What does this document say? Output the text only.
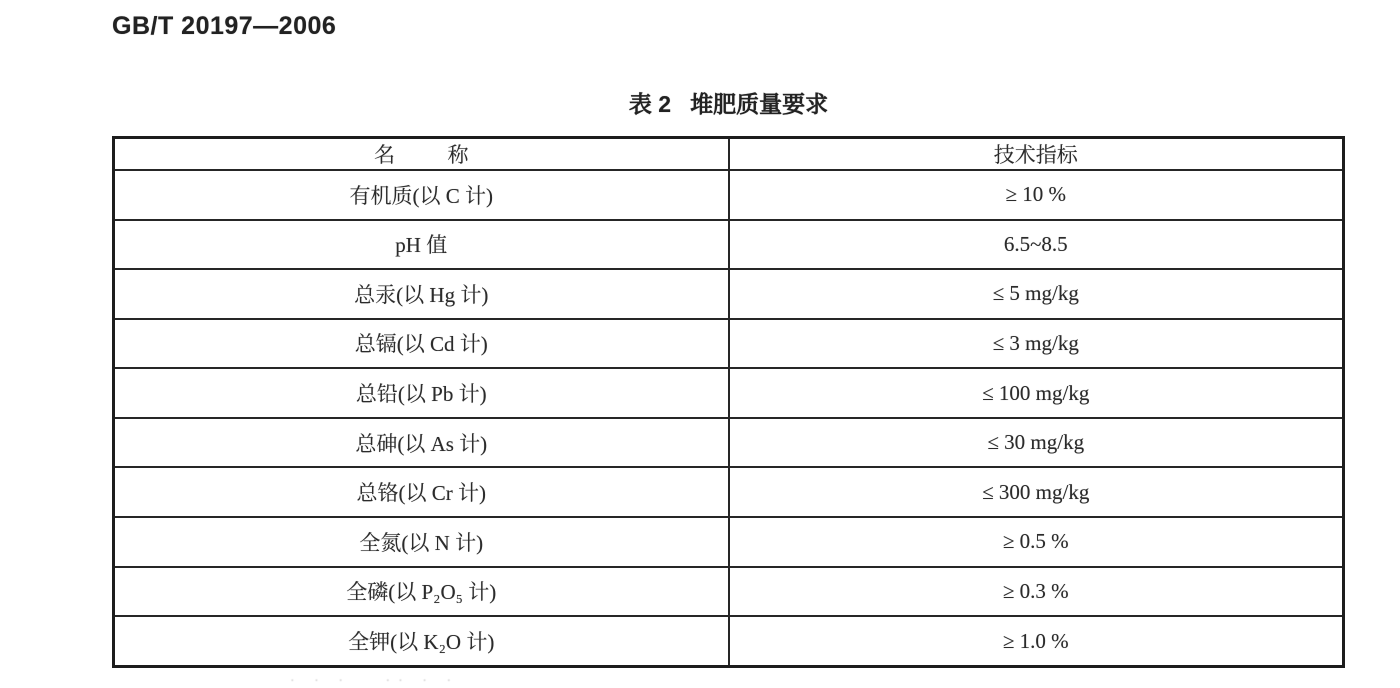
GB/T 20197—2006
表 2   堆肥质量要求
名          称	技术指标
有机质(以 C 计)	≥ 10 %
pH 值	6.5~8.5
总汞(以 Hg 计)	≤ 5 mg/kg
总镉(以 Cd 计)	≤ 3 mg/kg
总铅(以 Pb 计)	≤ 100 mg/kg
总砷(以 As 计)	≤ 30 mg/kg
总铬(以 Cr 计)	≤ 300 mg/kg
全氮(以 N 计)	≥ 0.5 %
全磷(以 P₂O₅ 计)	≥ 0.3 %
全钾(以 K₂O 计)	≥ 1.0 %
· · ·   ·· · ·
